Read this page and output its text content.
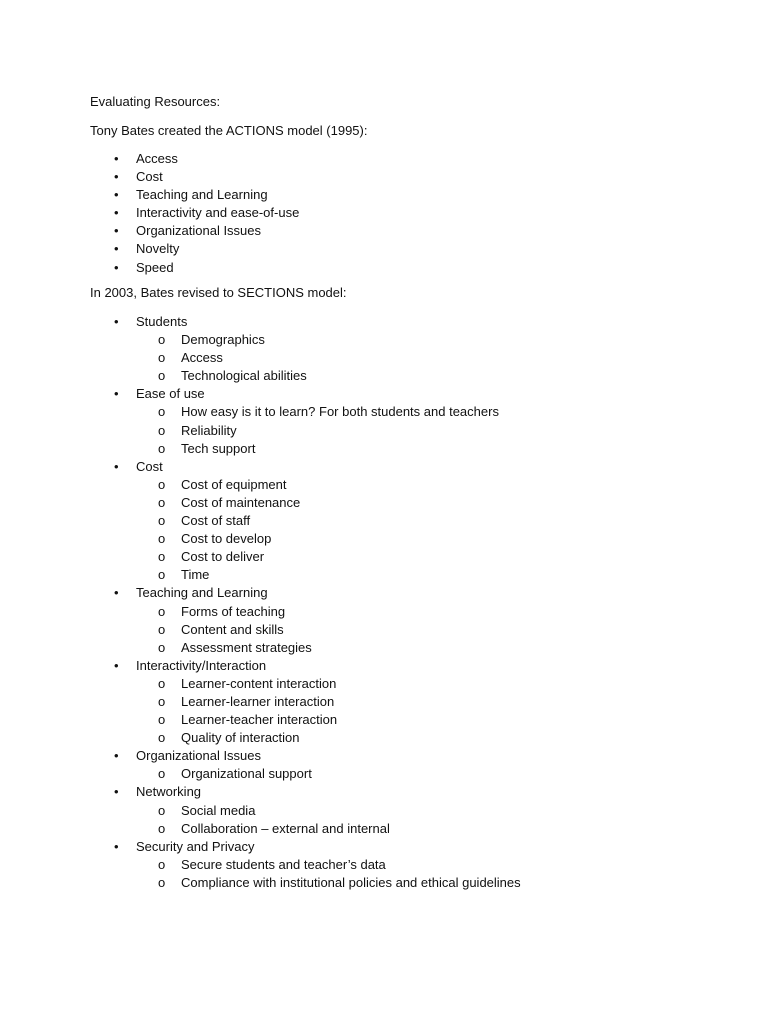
Evaluating Resources:
Tony Bates created the ACTIONS model (1995):
• Access
• Cost
• Teaching and Learning
• Interactivity and ease-of-use
• Organizational Issues
• Novelty
• Speed
In 2003, Bates revised to SECTIONS model:
• Students
o Demographics
o Access
o Technological abilities
• Ease of use
o How easy is it to learn? For both students and teachers
o Reliability
o Tech support
• Cost
o Cost of equipment
o Cost of maintenance
o Cost of staff
o Cost to develop
o Cost to deliver
o Time
• Teaching and Learning
o Forms of teaching
o Content and skills
o Assessment strategies
• Interactivity/Interaction
o Learner-content interaction
o Learner-learner interaction
o Learner-teacher interaction
o Quality of interaction
• Organizational Issues
o Organizational support
• Networking
o Social media
o Collaboration – external and internal
• Security and Privacy
o Secure students and teacher’s data
o Compliance with institutional policies and ethical guidelines
